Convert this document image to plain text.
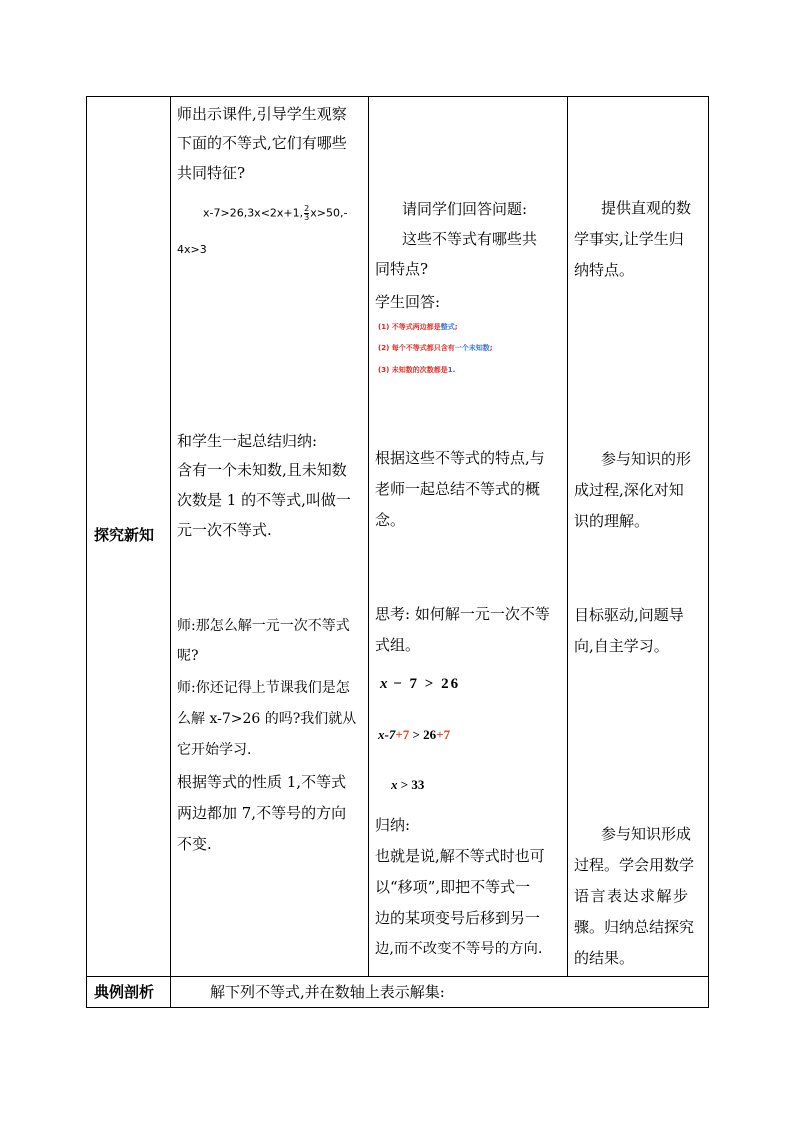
探究新知
典例剖析
师出示课件,引导学生观察
下面的不等式,它们有哪些
共同特征?
x-7>26,3x<2x+1, $\frac{2}{3} x>50,-$
4x>3
和学生一起总结归纳:
含有一个未知数,且未知数
次数是 1 的不等式,叫做一
元一次不等式.
师:那怎么解一元一次不等式
呢?
师:你还记得上节课我们是怎
么解 x-7>26 的吗?我们就从
它开始学习.
根据等式的性质 1,不等式
两边都加 7,不等号的方向
不变.
请同学们回答问题:
这些不等式有哪些共
同特点?
学生回答:
(1) 不等式两边都是整式;
(2) 每个不等式都只含有一个未知数;
(3) 未知数的次数都是1.
根据这些不等式的特点,与
老师一起总结不等式的概
念。
思考: 如何解一元一次不等
式组。
x − 7 > 26
x-7+7 > 26+7
x > 33
归纳:
也就是说,解不等式时也可
以“移项”,即把不等式一
边的某项变号后移到另一
边,而不改变不等号的方向.
提供直观的数
学事实,让学生归
纳特点。
参与知识的形
成过程,深化对知
识的理解。
目标驱动,问题导
向,自主学习。
参与知识形成
过程。学会用数学
语言表达求解步
骤。归纳总结探究
的结果。
解下列不等式,并在数轴上表示解集:
